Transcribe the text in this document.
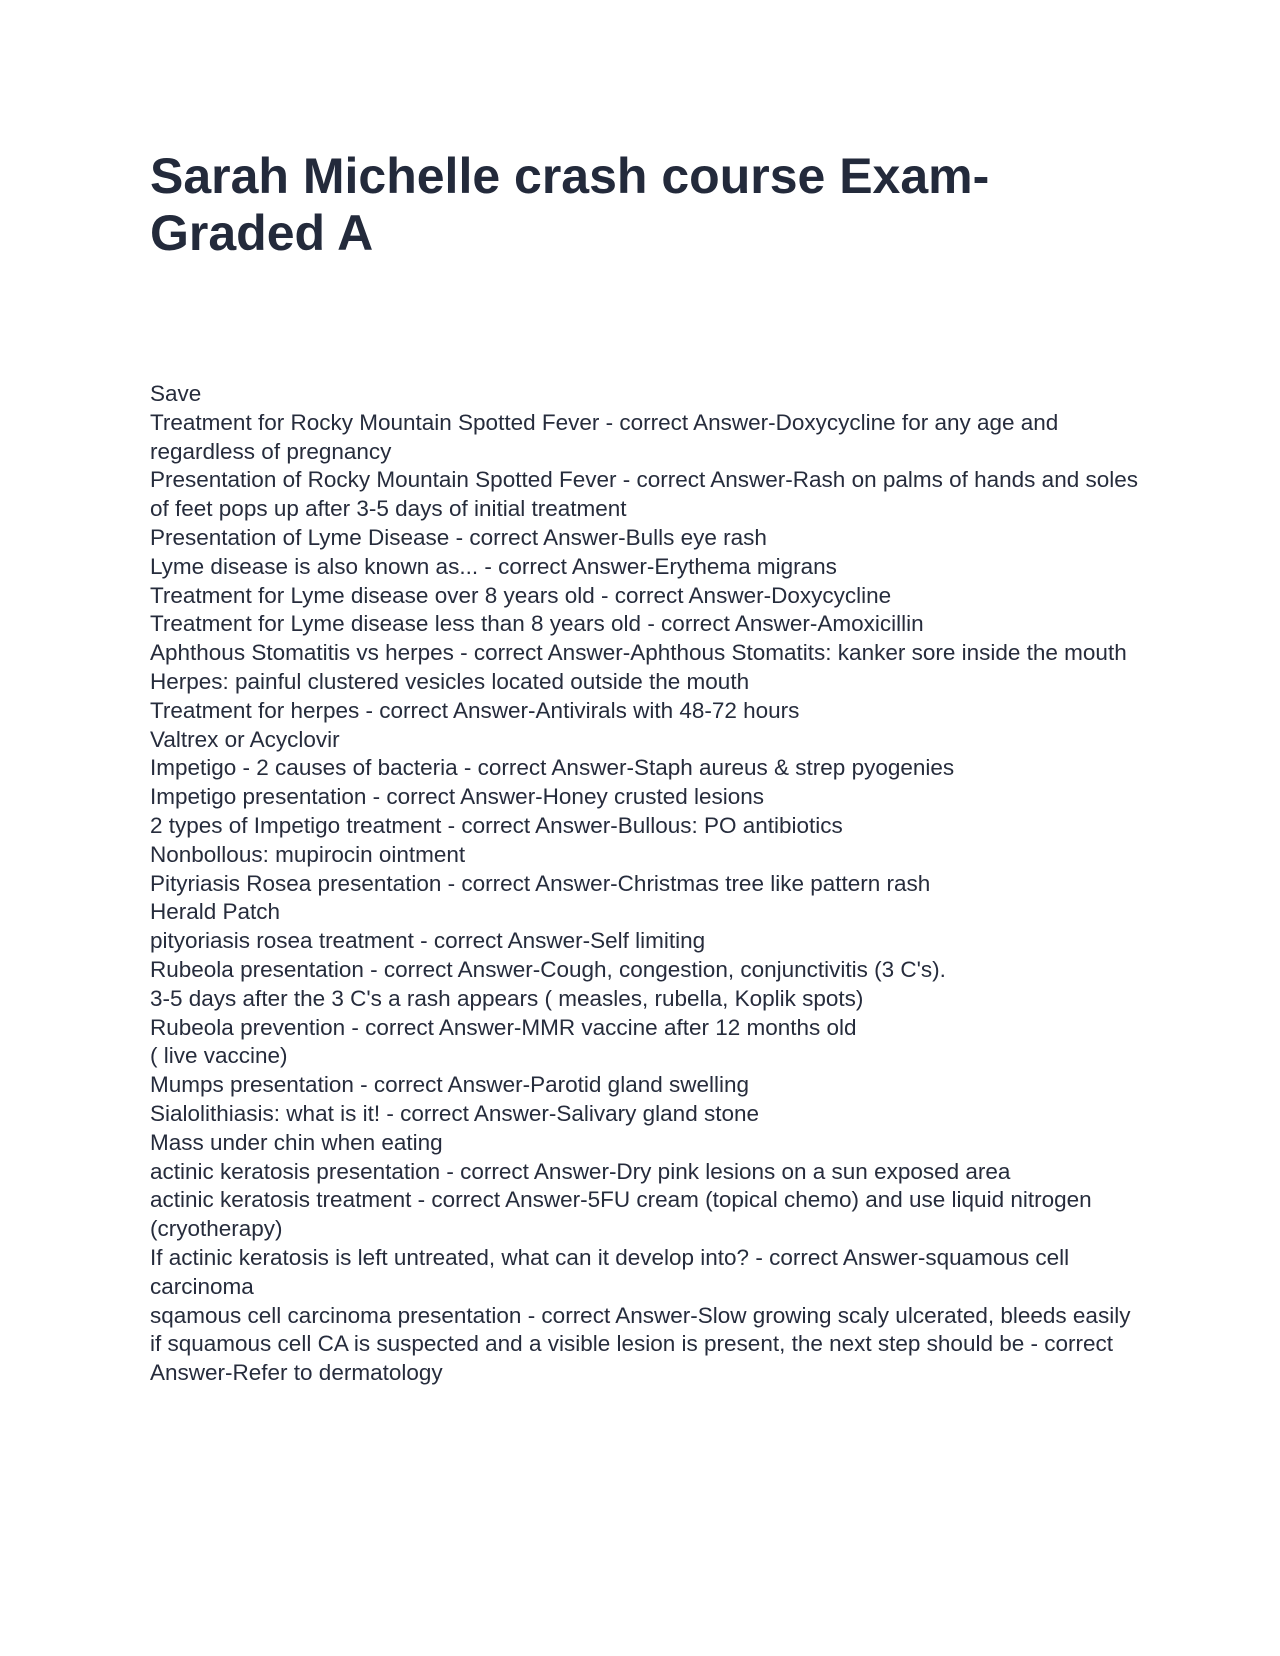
Sarah Michelle crash course Exam- Graded A

Save

Treatment for Rocky Mountain Spotted Fever - correct Answer-Doxycycline for any age and regardless of pregnancy

Presentation of Rocky Mountain Spotted Fever - correct Answer-Rash on palms of hands and soles of feet pops up after 3-5 days of initial treatment

Presentation of Lyme Disease - correct Answer-Bulls eye rash

Lyme disease is also known as... - correct Answer-Erythema migrans

Treatment for Lyme disease over 8 years old - correct Answer-Doxycycline

Treatment for Lyme disease less than 8 years old - correct Answer-Amoxicillin

Aphthous Stomatitis vs herpes - correct Answer-Aphthous Stomatits: kanker sore inside the mouth

Herpes: painful clustered vesicles located outside the mouth

Treatment for herpes - correct Answer-Antivirals with 48-72 hours

Valtrex or Acyclovir

Impetigo - 2 causes of bacteria - correct Answer-Staph aureus & strep pyogenies

Impetigo presentation - correct Answer-Honey crusted lesions

2 types of Impetigo treatment - correct Answer-Bullous: PO antibiotics

Nonbollous: mupirocin ointment

Pityriasis Rosea presentation - correct Answer-Christmas tree like pattern rash

Herald Patch

pityoriasis rosea treatment - correct Answer-Self limiting

Rubeola presentation - correct Answer-Cough, congestion, conjunctivitis (3 C's).

3-5 days after the 3 C's a rash appears ( measles, rubella, Koplik spots)

Rubeola prevention - correct Answer-MMR vaccine after 12 months old

( live vaccine)

Mumps presentation - correct Answer-Parotid gland swelling

Sialolithiasis: what is it! - correct Answer-Salivary gland stone

Mass under chin when eating

actinic keratosis presentation - correct Answer-Dry pink lesions on a sun exposed area

actinic keratosis treatment - correct Answer-5FU cream (topical chemo) and use liquid nitrogen (cryotherapy)

If actinic keratosis is left untreated, what can it develop into? - correct Answer-squamous cell carcinoma

sqamous cell carcinoma presentation - correct Answer-Slow growing scaly ulcerated, bleeds easily

if squamous cell CA is suspected and a visible lesion is present, the next step should be - correct Answer-Refer to dermatology
